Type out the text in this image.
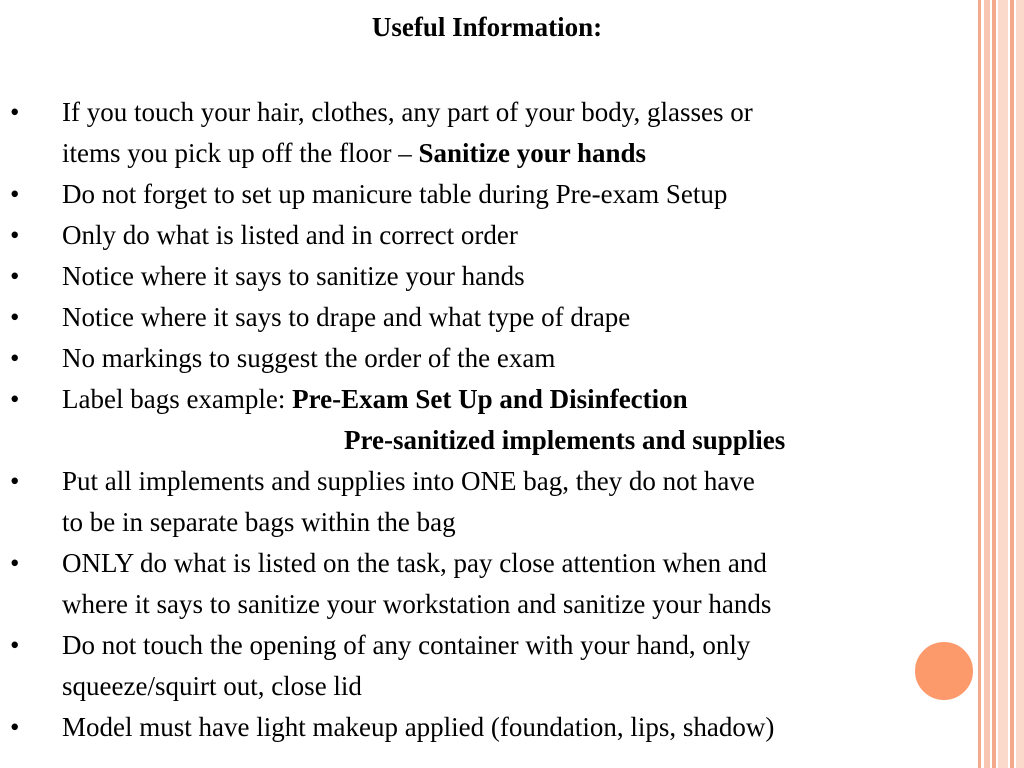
Useful Information:
• If you touch your hair, clothes, any part of your body, glasses or
items you pick up off the floor – Sanitize your hands
• Do not forget to set up manicure table during Pre-exam Setup
• Only do what is listed and in correct order
• Notice where it says to sanitize your hands
• Notice where it says to drape and what type of drape
• No markings to suggest the order of the exam
• Label bags example: Pre-Exam Set Up and Disinfection
Pre-sanitized implements and supplies
• Put all implements and supplies into ONE bag, they do not have
to be in separate bags within the bag
• ONLY do what is listed on the task, pay close attention when and
where it says to sanitize your workstation and sanitize your hands
• Do not touch the opening of any container with your hand, only
squeeze/squirt out, close lid
• Model must have light makeup applied (foundation, lips, shadow)
